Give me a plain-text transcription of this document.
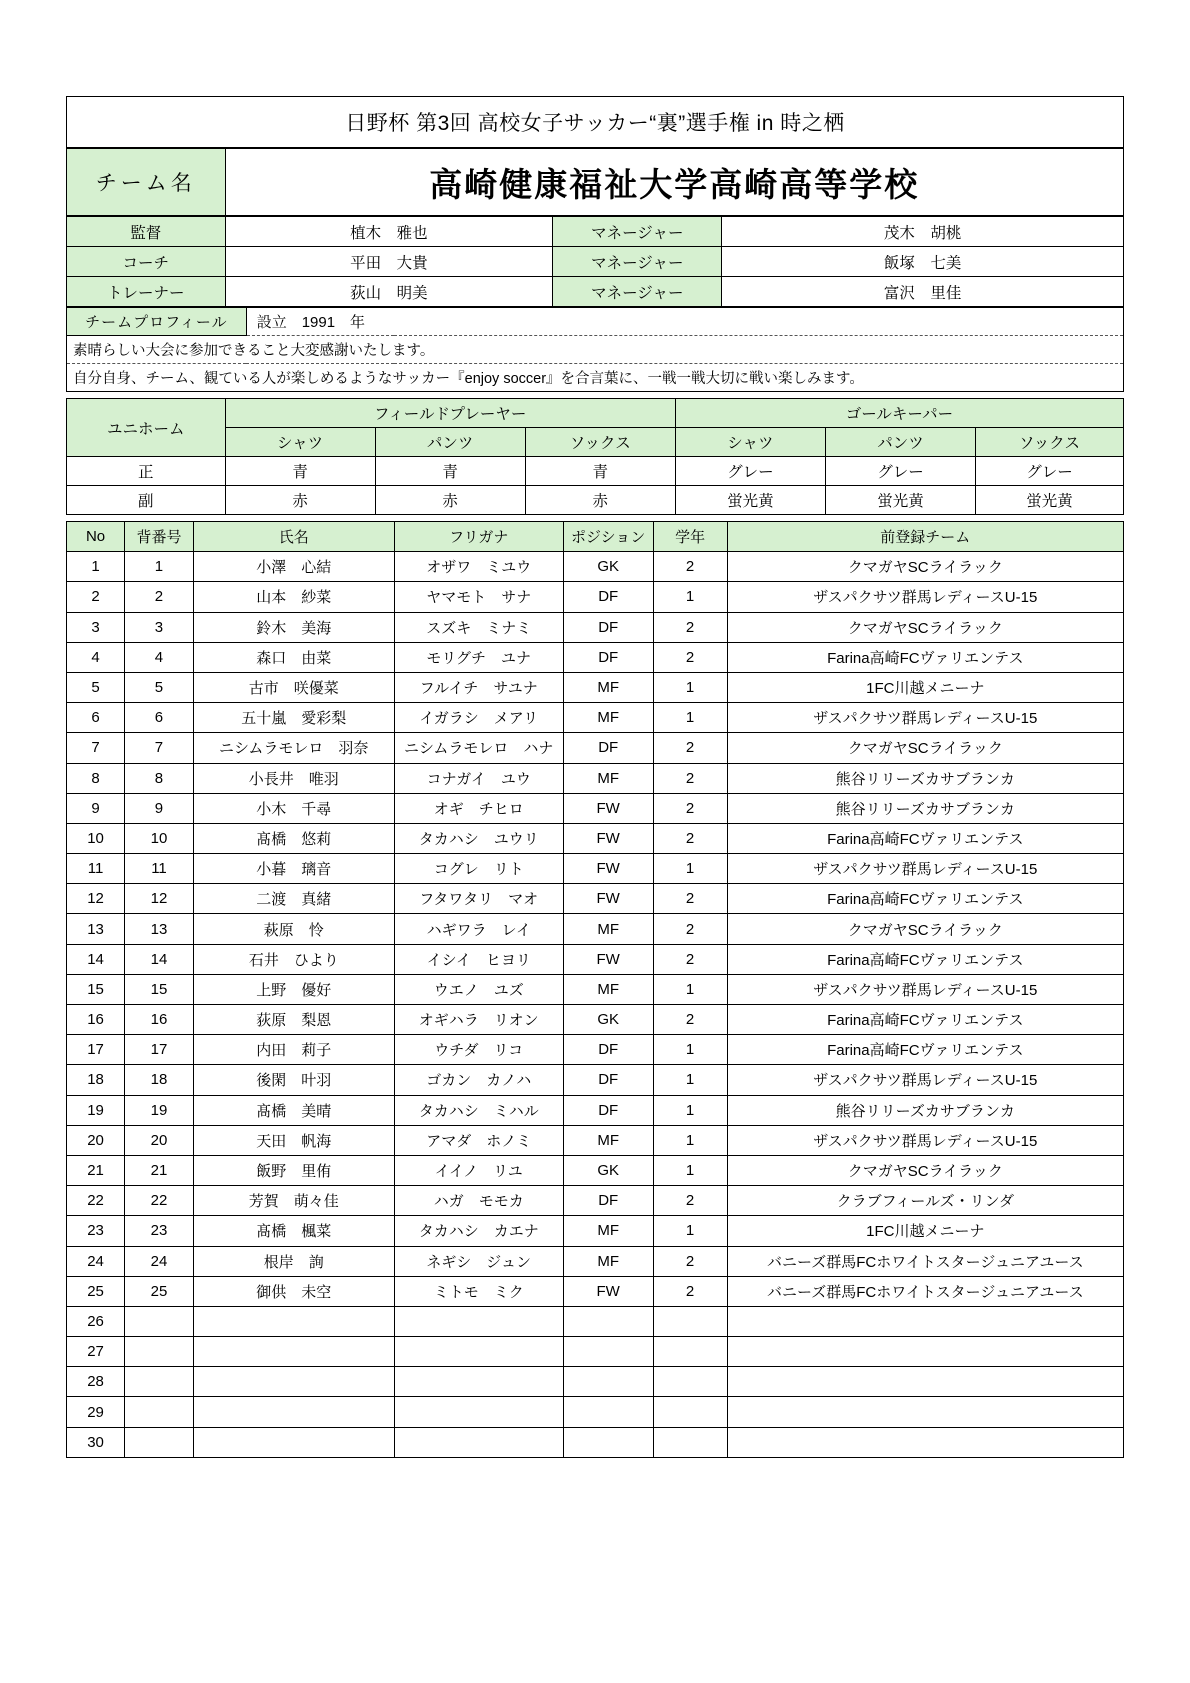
日野杯 第3回 高校女子サッカー“裏”選手権 in 時之栖
チーム名	高崎健康福祉大学高崎高等学校
監督	植木　雅也	マネージャー	茂木　胡桃
コーチ	平田　大貴	マネージャー	飯塚　七美
トレーナー	荻山　明美	マネージャー	富沢　里佳
チームプロフィール	設立　1991　年
素晴らしい大会に参加できること大変感謝いたします。
自分自身、チーム、観ている人が楽しめるようなサッカー『enjoy soccer』を合言葉に、一戦一戦大切に戦い楽しみます。
ユニホーム	フィールドプレーヤー			ゴールキーパー		
	シャツ	パンツ	ソックス	シャツ	パンツ	ソックス
正	青	青	青	グレー	グレー	グレー
副	赤	赤	赤	蛍光黄	蛍光黄	蛍光黄
No	背番号	氏名	フリガナ	ポジション	学年	前登録チーム
1	1	小澤　心結	オザワ　ミユウ	GK	2	クマガヤSCライラック
2	2	山本　紗菜	ヤマモト　サナ	DF	1	ザスパクサツ群馬レディースU-15
3	3	鈴木　美海	スズキ　ミナミ	DF	2	クマガヤSCライラック
4	4	森口　由菜	モリグチ　ユナ	DF	2	Farina高崎FCヴァリエンテス
5	5	古市　咲優菜	フルイチ　サユナ	MF	1	1FC川越メニーナ
6	6	五十嵐　愛彩梨	イガラシ　メアリ	MF	1	ザスパクサツ群馬レディースU-15
7	7	ニシムラモレロ　羽奈	ニシムラモレロ　ハナ	DF	2	クマガヤSCライラック
8	8	小長井　唯羽	コナガイ　ユウ	MF	2	熊谷リリーズカサブランカ
9	9	小木　千尋	オギ　チヒロ	FW	2	熊谷リリーズカサブランカ
10	10	髙橋　悠莉	タカハシ　ユウリ	FW	2	Farina高崎FCヴァリエンテス
11	11	小暮　璃音	コグレ　リト	FW	1	ザスパクサツ群馬レディースU-15
12	12	二渡　真緒	フタワタリ　マオ	FW	2	Farina高崎FCヴァリエンテス
13	13	萩原　怜	ハギワラ　レイ	MF	2	クマガヤSCライラック
14	14	石井　ひより	イシイ　ヒヨリ	FW	2	Farina高崎FCヴァリエンテス
15	15	上野　優好	ウエノ　ユズ	MF	1	ザスパクサツ群馬レディースU-15
16	16	荻原　梨恩	オギハラ　リオン	GK	2	Farina高崎FCヴァリエンテス
17	17	内田　莉子	ウチダ　リコ	DF	1	Farina高崎FCヴァリエンテス
18	18	後閑　叶羽	ゴカン　カノハ	DF	1	ザスパクサツ群馬レディースU-15
19	19	髙橋　美晴	タカハシ　ミハル	DF	1	熊谷リリーズカサブランカ
20	20	天田　帆海	アマダ　ホノミ	MF	1	ザスパクサツ群馬レディースU-15
21	21	飯野　里侑	イイノ　リユ	GK	1	クマガヤSCライラック
22	22	芳賀　萌々佳	ハガ　モモカ	DF	2	クラブフィールズ・リンダ
23	23	髙橋　楓菜	タカハシ　カエナ	MF	1	1FC川越メニーナ
24	24	根岸　詢	ネギシ　ジュン	MF	2	バニーズ群馬FCホワイトスタージュニアユース
25	25	御供　未空	ミトモ　ミク	FW	2	バニーズ群馬FCホワイトスタージュニアユース
26						
27						
28						
29						
30						
